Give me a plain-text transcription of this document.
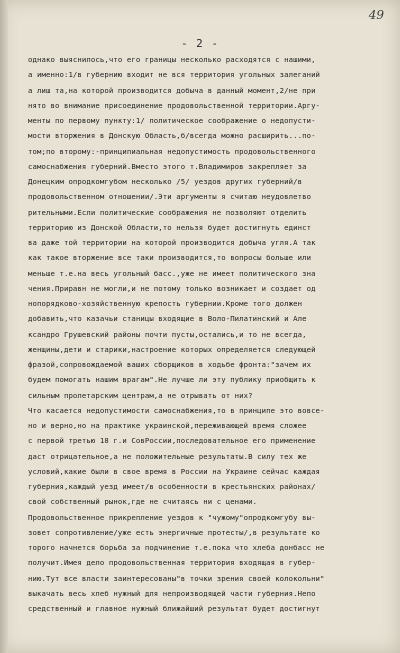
49
- 2 -
однако выяснилось,что его границы несколько расходятся с нашими,
а именно:1/в губернию входит не вся территория угольных залеганий
а лиш та,на которой производится добыча в данный момент,2/не при
нято во внимание присоединение продовольственной территории.Аргу-
менты по первому пункту:1/ политическое соображение о недопусти-
мости вторжения в Донскую Область,б/всегда можно расширить...по-
том;по второму:-принципиальная недопустимость продовольственного
самоснабжения губерний.Вместо этого т.Владимиров закрепляет за
Донецким опродкомгубом несколько /5/ уездов других губерний/в
продовольственном отношении/.Эти аргументы я считаю неудовлетво
рительными.Если политические соображения не позволяют отделить
территорию из Донской Области,то нельзя будет достигнуть единст
ва даже той территории на которой производится добыча угля.А так
как такое вторжение все таки производится,то вопросы больше или
меньше т.е.на весь угольный басс.,уже не имеет политического зна
чения.Приравн не могли,и не потому только возникает и создает од
нопорядково-хозяйственную крепость губернии.Кроме того должен
добавить,что казачьи станицы входящие в Воло-Пилатинский и Але
ксандро Грушевский районы почти пусты,остались,и то не всегда,
женщины,дети и старики,настроение которых определяется следующей
фразой,сопровождаемой ваших сборщиков в ходьбе фронта:"зачем их
будем помогать нашим врагам".Не лучше ли эту публику приобщить к
сильным пролетарским центрам,а не отрывать от них?
Что касается недопустимости самоснабжения,то в принципе это вовсе-
но и верно,но на практике украинской,переживающей время сложее
с первой третью 18 г.и СовРоссии,последовательное его применение
даст отрицательное,а не положительные результаты.В силу тех же
условий,какие были в свое время в России на Украине сейчас каждая
губерния,каждый уезд имеет/в особенности в крестьянских районах/
свой собственный рынок,где не считаясь ни с ценами.
Продовольственное прикрепление уездов к "чужому"опродкомгубу вы-
зовет сопротивление/уже есть энергичные протесты/,в результате ко
торого начнется борьба за подчинение т.е.пока что хлеба донбасс не
получит.Имея дело продовольственная территория входящая в губер-
нию.Тут все власти заинтересованы"в точки зрения своей колокольни"
выкачать весь хлеб нужный для непроизводящей части губерния.Непо
средственный и главное нужный ближайший результат будет достигнут
